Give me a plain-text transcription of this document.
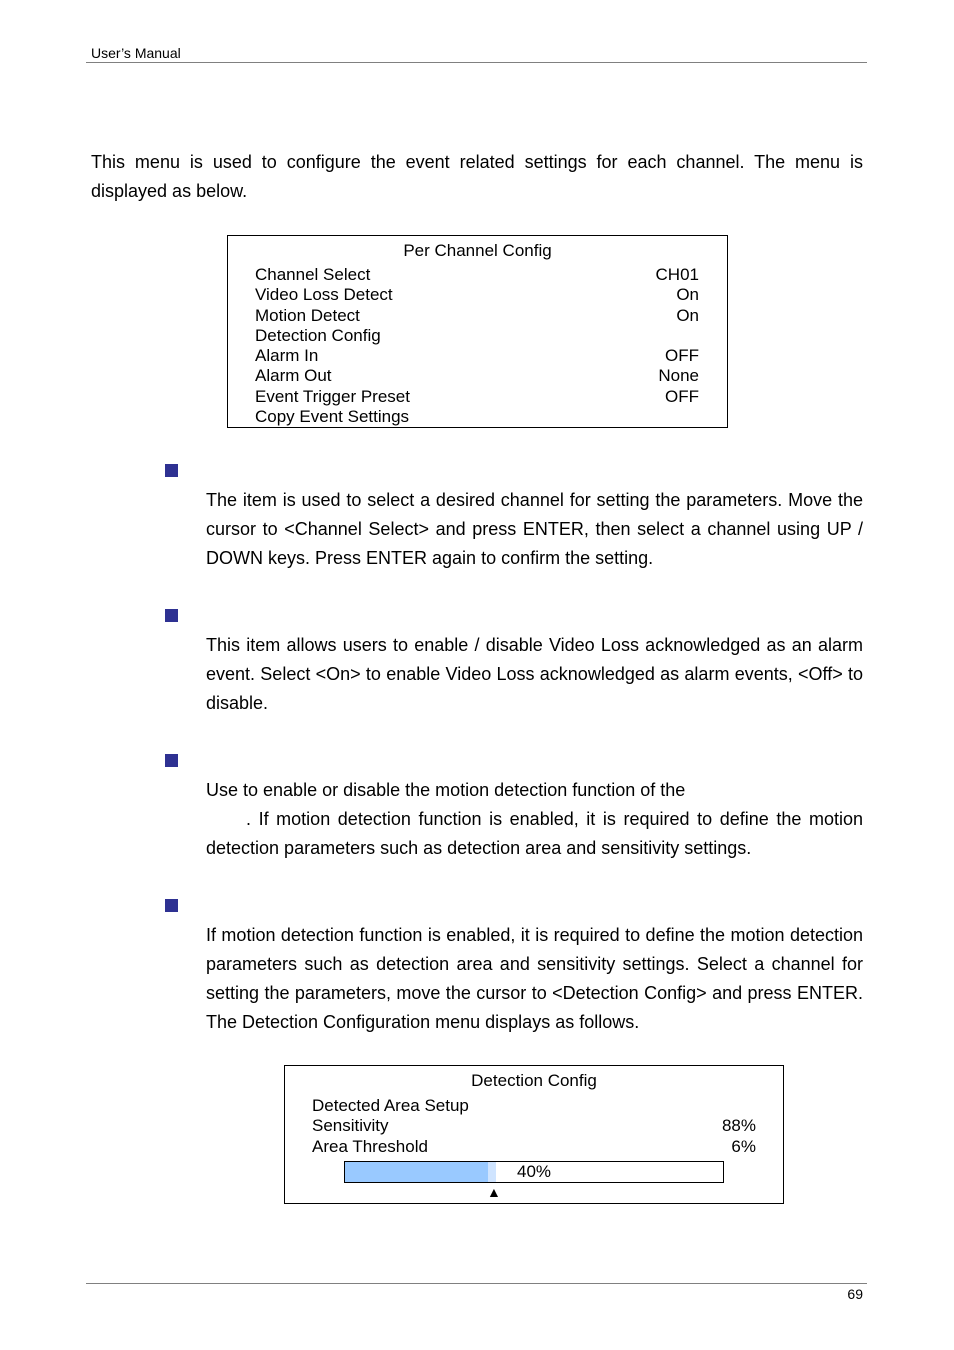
User’s Manual
This menu is used to configure the event related settings for each channel. The menu is displayed as below.
Per Channel Config
Channel Select	CH01
Video Loss Detect	On
Motion Detect	On
Detection Config
Alarm In	OFF
Alarm Out	None
Event Trigger Preset	OFF
Copy Event Settings
The item is used to select a desired channel for setting the parameters. Move the cursor to <Channel Select> and press ENTER, then select a channel using UP / DOWN keys. Press ENTER again to confirm the setting.
This item allows users to enable / disable Video Loss acknowledged as an alarm event. Select <On> to enable Video Loss acknowledged as alarm events, <Off> to disable.
Use to enable or disable the motion detection function of the
. If motion detection function is enabled, it is required to define the motion detection parameters such as detection area and sensitivity settings.
If motion detection function is enabled, it is required to define the motion detection parameters such as detection area and sensitivity settings. Select a channel for setting the parameters, move the cursor to <Detection Config> and press ENTER. The Detection Configuration menu displays as follows.
Detection Config
Detected Area Setup
Sensitivity	88%
Area Threshold	6%
40%
▲
69
